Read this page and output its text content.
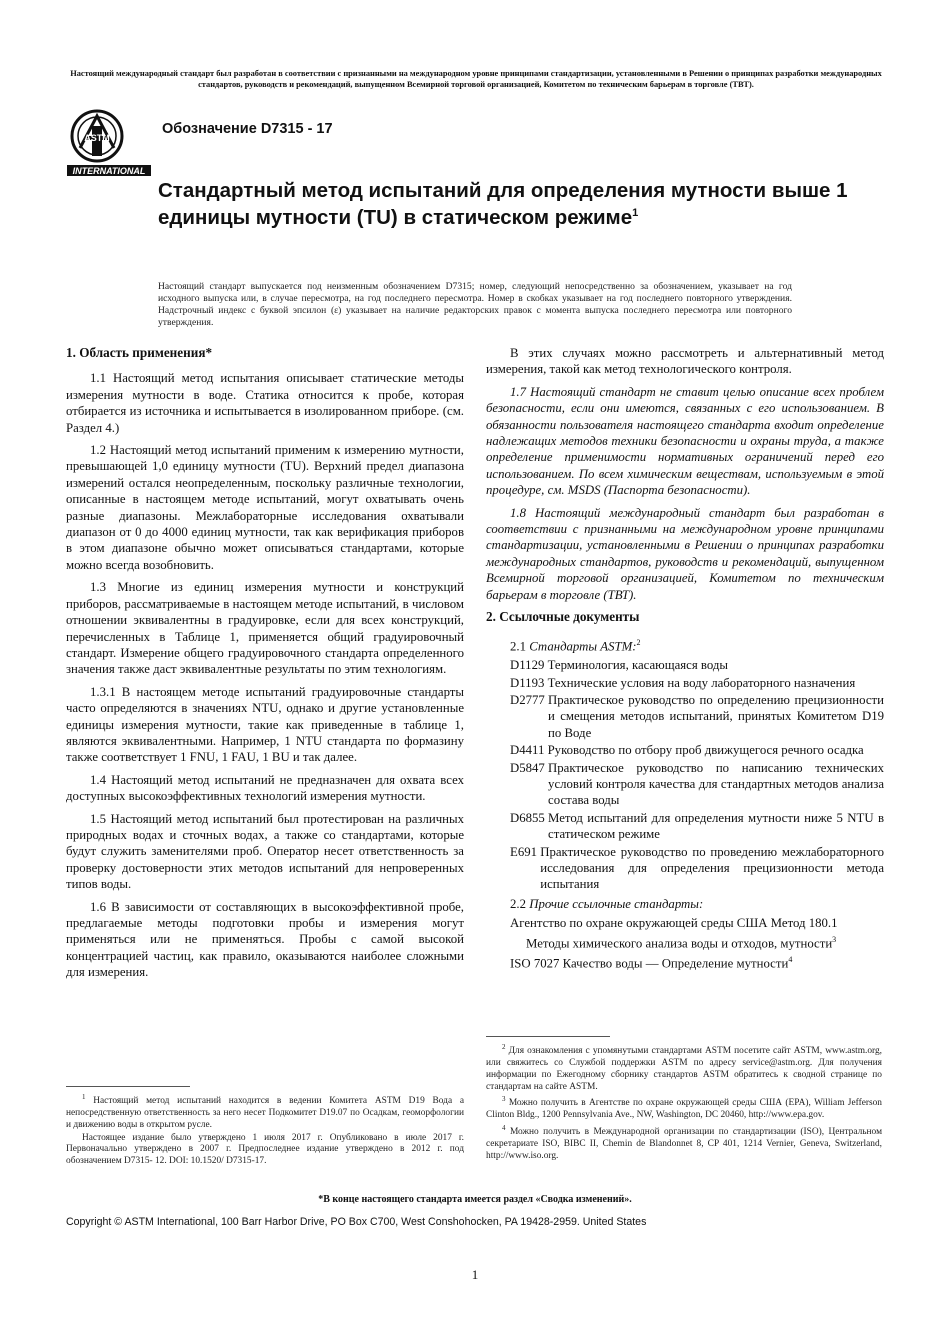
Настоящий международный стандарт был разработан в соответствии с признанными на международном уровне принципами стандартизации, установленными в Решении о принципах разработки международных стандартов, руководств и рекомендаций, выпущенном Всемирной торговой организацией, Комитетом по техническим барьерам в торговле (ТВТ).
ASTM
INTERNATIONAL
Обозначение D7315 - 17
Стандартный метод испытаний для определения мутности выше 1 единицы мутности (TU) в статическом режиме$^1$
Настоящий стандарт выпускается под неизменным обозначением D7315; номер, следующий непосредственно за обозначением, указывает на год исходного выпуска или, в случае пересмотра, на год последнего пересмотра. Номер в скобках указывает на год последнего повторного утверждения. Надстрочный индекс с буквой эпсилон (ε) указывает на наличие редакторских правок с момента выпуска последнего пересмотра или повторного утверждения.
1. Область применения*

1.1 Настоящий метод испытания описывает статические методы измерения мутности в воде. Статика относится к пробе, которая отбирается из источника и испытывается в изолированном приборе. (см. Раздел 4.)

1.2 Настоящий метод испытаний применим к измерению мутности, превышающей 1,0 единицу мутности (TU). Верхний предел диапазона измерений остался неопределенным, поскольку различные технологии, описанные в настоящем методе испытаний, могут охватывать очень разные диапазоны. Межлабораторные исследования охватывали диапазон от 0 до 4000 единиц мутности, так как верификация приборов в этом диапазоне обычно может описываться стандартами, которые можно всегда возобновить.

1.3 Многие из единиц измерения мутности и конструкций приборов, рассматриваемые в настоящем методе испытаний, в числовом отношении эквивалентны в градуировке, если для всех конструкций, перечисленных в Таблице 1, применяется общий градуировочный стандарт. Измерение общего градуировочного стандарта определенного значения также даст эквивалентные результаты по этим технологиям.

1.3.1 В настоящем методе испытаний градуировочные стандарты часто определяются в значениях NTU, однако и другие установленные единицы измерения мутности, такие как приведенные в таблице 1, являются эквивалентными. Например, 1 NTU стандарта по формазину также соответствует 1 FNU, 1 FAU, 1 BU и так далее.

1.4 Настоящий метод испытаний не предназначен для охвата всех доступных высокоэффективных технологий измерения мутности.

1.5 Настоящий метод испытаний был протестирован на различных природных водах и сточных водах, а также со стандартами, которые будут служить заменителями проб. Оператор несет ответственность за проверку достоверности этих методов испытаний для непроверенных типов воды.

1.6 В зависимости от составляющих в высокоэффективной пробе, предлагаемые методы подготовки пробы и измерения могут применяться или не применяться. Пробы с самой высокой концентрацией частиц, как правило, оказываются наиболее сложными для измерения.

$^1$ Настоящий метод испытаний находится в ведении Комитета ASTM D19 Вода а непосредственную ответственность за него несет Подкомитет D19.07 по Осадкам, геоморфологии и движению воды в открытом русле.

Настоящее издание было утверждено 1 июля 2017 г. Опубликовано в июле 2017 г. Первоначально утверждено в 2007 г. Предпоследнее издание утверждено в 2012 г. под обозначением D7315- 12. DOI: 10.1520/ D7315-17.

В этих случаях можно рассмотреть и альтернативный метод измерения, такой как метод технологического контроля.

1.7 Настоящий стандарт не ставит целью описание всех проблем безопасности, если они имеются, связанных с его использованием. В обязанности пользователя настоящего стандарта входит определение надлежащих методов техники безопасности и охраны труда, а также определение применимости нормативных ограничений перед его использованием. По всем химическим веществам, используемым в этой процедуре, см. MSDS (Паспорта безопасности).

1.8 Настоящий международный стандарт был разработан в соответствии с признанными на международном уровне принципами стандартизации, установленными в Решении о принципах разработки международных стандартов, руководств и рекомендаций, выпущенном Всемирной торговой организацией, Комитетом по техническим барьерам в торговле (ТВТ).

2. Ссылочные документы
2.1 Стандарты ASTM:$^2$
D1129 Терминология, касающаяся воды
D1193 Технические условия на воду лабораторного назначения
D2777 Практическое руководство по определению прецизионности и смещения методов испытаний, принятых Комитетом D19 по Воде
D4411 Руководство по отбору проб движущегося речного осадка
D5847 Практическое руководство по написанию технических условий контроля качества для стандартных методов анализа состава воды
D6855 Метод испытаний для определения мутности ниже 5 NTU в статическом режиме
E691 Практическое руководство по проведению межлабораторного исследования для определения прецизионности метода испытания
2.2 Прочие ссылочные стандарты:
Агентство по охране окружающей среды США Метод 180.1
Методы химического анализа воды и отходов, мутности$^3$
ISO 7027 Качество воды — Определение мутности$^4$

$^2$ Для ознакомления с упомянутыми стандартами ASTM посетите сайт ASTM, www.astm.org, или свяжитесь со Службой поддержки ASTM по адресу service@astm.org. Для получения информации по Ежегодному сборнику стандартов ASTM обратитесь к сводной странице по стандартам на сайте ASTM.

$^3$ Можно получить в Агентстве по охране окружающей среды США (EPA), William Jefferson Clinton Bldg., 1200 Pennsylvania Ave., NW, Washington, DC 20460, http://www.epa.gov.

$^4$ Можно получить в Международной организации по стандартизации (ISO), Центральном секретариате ISO, BIBC II, Chemin de Blandonnet 8, CP 401, 1214 Vernier, Geneva, Switzerland, http://www.iso.org.

*В конце настоящего стандарта имеется раздел «Сводка изменений».
Copyright © ASTM International, 100 Barr Harbor Drive, PO Box C700, West Conshohocken, PA 19428-2959. United States
1
